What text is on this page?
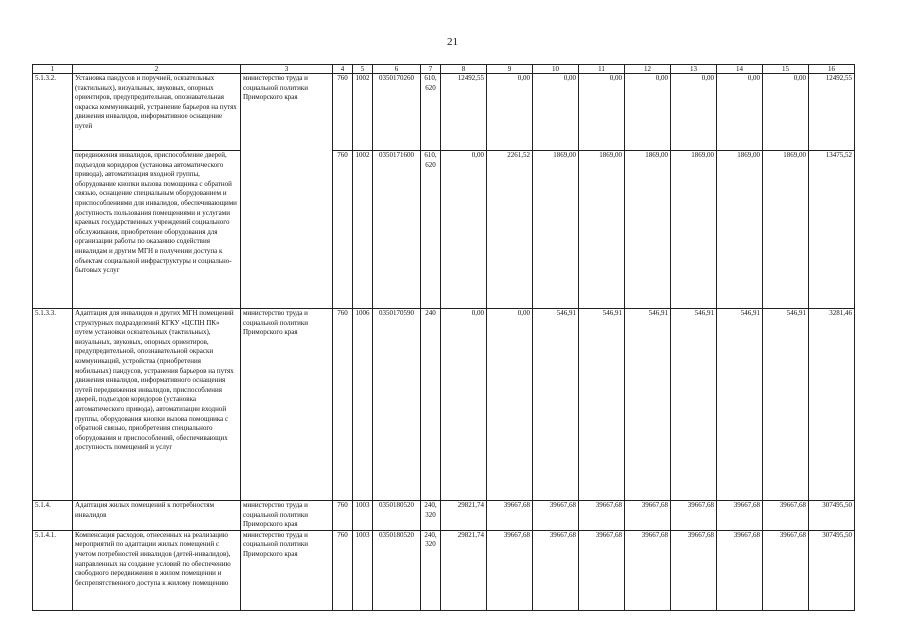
21
1	2	3	4	5	6	7	8	9	10	11	12	13	14	15	16
5.1.3.2.	Установка пандусов и поручней, осязательных (тактильных), визуальных, звуковых, опорных ориентиров, предупредительная, опознавательная окраска коммуникаций, устранение барьеров на путях движения инвалидов, информативное оснащение путей	министерство труда и социальной политики Приморского края	760	1002	0350170260	610,
620	12492,55	0,00	0,00	0,00	0,00	0,00	0,00	0,00	12492,55
	передвижения инвалидов, приспособление дверей, подъездов коридоров (установка автоматического привода), автоматизация входной группы, оборудование кнопки вызова помощника с обратной связью, оснащение специальным оборудованием и приспособлениями для инвалидов, обеспечивающими доступность пользования помещениями и услугами краевых государственных учреждений социального обслуживания, приобретение оборудования для организации работы по оказанию содействия инвалидам и другим МГН в получении доступа к объектам социальной инфраструктуры и социально-бытовых услуг		760	1002	0350171600	610,
620	0,00	2261,52	1869,00	1869,00	1869,00	1869,00	1869,00	1869,00	13475,52
5.1.3.3.	Адаптация для инвалидов и других МГН помещений структурных подразделений КГКУ «ЦСПН ПК» путем установки осязательных (тактильных), визуальных, звуковых, опорных ориентиров, предупредительной, опознавательной окраски коммуникаций, устройства (приобретения мобильных) пандусов, устранения барьеров на путях движения инвалидов, информативного оснащения путей передвижения инвалидов, приспособления дверей, подъездов коридоров (установка автоматического привода), автоматизации входной группы, оборудования кнопки вызова помощника с обратной связью, приобретения специального оборудования и приспособлений, обеспечивающих доступность помещений и услуг	министерство труда и социальной политики Приморского края	760	1006	0350170590	240	0,00	0,00	546,91	546,91	546,91	546,91	546,91	546,91	3281,46
5.1.4.	Адаптация жилых помещений к потребностям инвалидов	министерство труда и социальной политики Приморского края	760	1003	0350180520	240,
320	29821,74	39667,68	39667,68	39667,68	39667,68	39667,68	39667,68	39667,68	307495,50
5.1.4.1.	Компенсация расходов, отнесенных на реализацию мероприятий по адаптации жилых помещений с учетом потребностей инвалидов (детей-инвалидов), направленных на создание условий по обеспечению свободного передвижения в жилом помещении и беспрепятственного доступа к жилому помещению	министерство труда и социальной политики Приморского края	760	1003	0350180520	240,
320	29821,74	39667,68	39667,68	39667,68	39667,68	39667,68	39667,68	39667,68	307495,50
